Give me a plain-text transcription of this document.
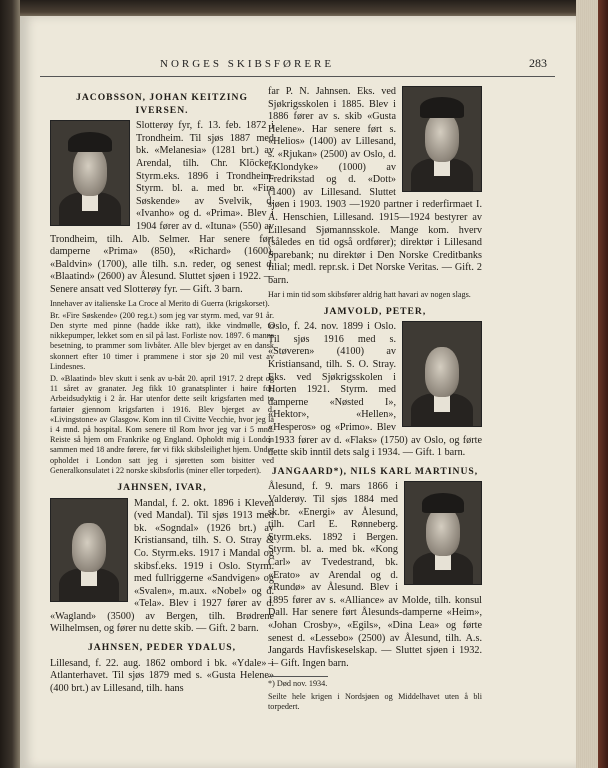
NORGES SKIBSFØRERE	283
JACOBSSON, JOHAN KEITZING IVERSEN.

Slotterøy fyr, f. 13. feb. 1872 i Trondheim. Til sjøs 1887 med bk. «Melanesia» (1281 brt.) av Arendal, tilh. Chr. Klöcker. Styrm.eks. 1896 i Trondheim. Styrm. bl. a. med br. «Fire Søskende» av Svelvik, d. «Ivanho» og d. «Prima». Blev i 1904 fører av d. «Ituna» (550) av Trondheim, tilh. Alb. Selmer. Har senere ført damperne «Prima» (850), «Richard» (1600), «Baldvin» (1700), alle tilh. s.n. reder, og senest d. «Blaatind» (2600) av Ålesund. Sluttet sjøen i 1922. — Senere ansatt ved Slotterøy fyr. — Gift. 3 barn.

Innehaver av italienske La Croce al Merito di Guerra (krigskorset).

Br. «Fire Søskende» (200 reg.t.) som jeg var styrm. med, var 91 år. Den styrte med pinne (hadde ikke ratt), ikke vindmølle, to nikkepumper, lekket som en sil på last. Forliste nov. 1897. 6 manns besetning, to prammer som livbåter. Alle blev bjerget av en dansk skonnert efter 10 timer i prammene i stor sjø 20 mil vest av Lindesnes.

D. «Blaatind» blev skutt i senk av u-båt 20. april 1917. 2 drept og 11 såret av granater. Jeg fikk 10 granatsplinter i høire fot. Arbeidsudyktig i 2 år. Har utenfor dette seilt krigsfarten med to fartøier gjennom krigsfarten i 1916. Blev bjerget av d. «Livingstone» av Glasgow. Kom inn til Civitte Vecchie, hvor jeg lå i 4 mnd. på hospital. Kom senere til Rom hvor jeg var i 5 mnd. Reiste så hjem om Frankrike og England. Opholdt mig i London sammen med 18 andre førere, før vi fikk skibsleilighet hjem. Under opholdet i London satt jeg i sjøretten som bisitter ved Generalkonsulatet i 22 norske skibsforlis (miner eller torpedert).

JAHNSEN, IVAR,

Mandal, f. 2. okt. 1896 i Kleven (ved Mandal). Til sjøs 1913 med bk. «Sogndal» (1926 brt.) av Kristiansand, tilh. S. O. Stray & Co. Styrm.eks. 1917 i Mandal og skibsf.eks. 1919 i Oslo. Styrm. med fullriggerne «Sandvigen» og «Svalen», m.aux. «Nobel» og d. «Tela». Blev i 1927 fører av d. «Wagland» (3500) av Bergen, tilh. Brødrene Wilhelmsen, og fører nu dette skib. — Gift. 2 barn.

JAHNSEN, PEDER YDALUS,

Lillesand, f. 22. aug. 1862 ombord i bk. «Ydale» i Atlanterhavet. Til sjøs 1879 med s. «Gusta Helene» (400 brt.) av Lillesand, tilh. hans

far P. N. Jahnsen. Eks. ved Sjøkrigsskolen i 1885. Blev i 1886 fører av s. skib «Gusta Helene». Har senere ført s. «Helios» (1400) av Lillesand, s. «Rjukan» (2500) av Oslo, d. «Klondyke» (1000) av Fredrikstad og d. «Dott» (1400) av Lillesand. Sluttet sjøen i 1903. 1903 —1920 partner i rederfirmaet I. A. Henschien, Lillesand. 1915—1924 bestyrer av Lillesand Sjømannsskole. Mange kom. hverv (således en tid også ordfører); direktør i Lillesand Sparebank; nu direktør i Den Norske Creditbanks filial; medl. repr.sk. i Det Norske Veritas. — Gift. 2 barn.

Har i min tid som skibsfører aldrig hatt havari av nogen slags.

JAMVOLD, PETER,

Oslo, f. 24. nov. 1899 i Oslo. Til sjøs 1916 med s. «Støveren» (4100) av Kristiansand, tilh. S. O. Stray. Eks. ved Sjøkrigsskolen i Horten 1921. Styrm. med damperne «Nøsted I», «Hektor», «Hellen», «Hesperos» og «Primo». Blev i 1933 fører av d. «Flaks» (1750) av Oslo, og førte dette skib inntil dets salg i 1934. — Gift. 1 barn.

JANGAARD*), NILS KARL MARTINUS,

Ålesund, f. 9. mars 1866 i Valderøy. Til sjøs 1884 med sk.br. «Energi» av Ålesund, tilh. Carl E. Rønneberg. Styrm.eks. 1892 i Bergen. Styrm. bl. a. med bk. «Kong Carl» av Tvedestrand, bk. «Erato» av Arendal og d. «Rundø» av Ålesund. Blev i 1895 fører av s. «Alliance» av Molde, tilh. konsul Dall. Har senere ført Ålesunds-damperne «Heim», «Johan Crosby», «Egils», «Dina Lea» og førte senest d. «Lessebo» (2500) av Ålesund, tilh. A.s. Jangards Havfiskeselskap. — Sluttet sjøen i 1932. — Gift. Ingen barn.

*) Død nov. 1934.

Seilte hele krigen i Nordsjøen og Middelhavet uten å bli torpedert.
